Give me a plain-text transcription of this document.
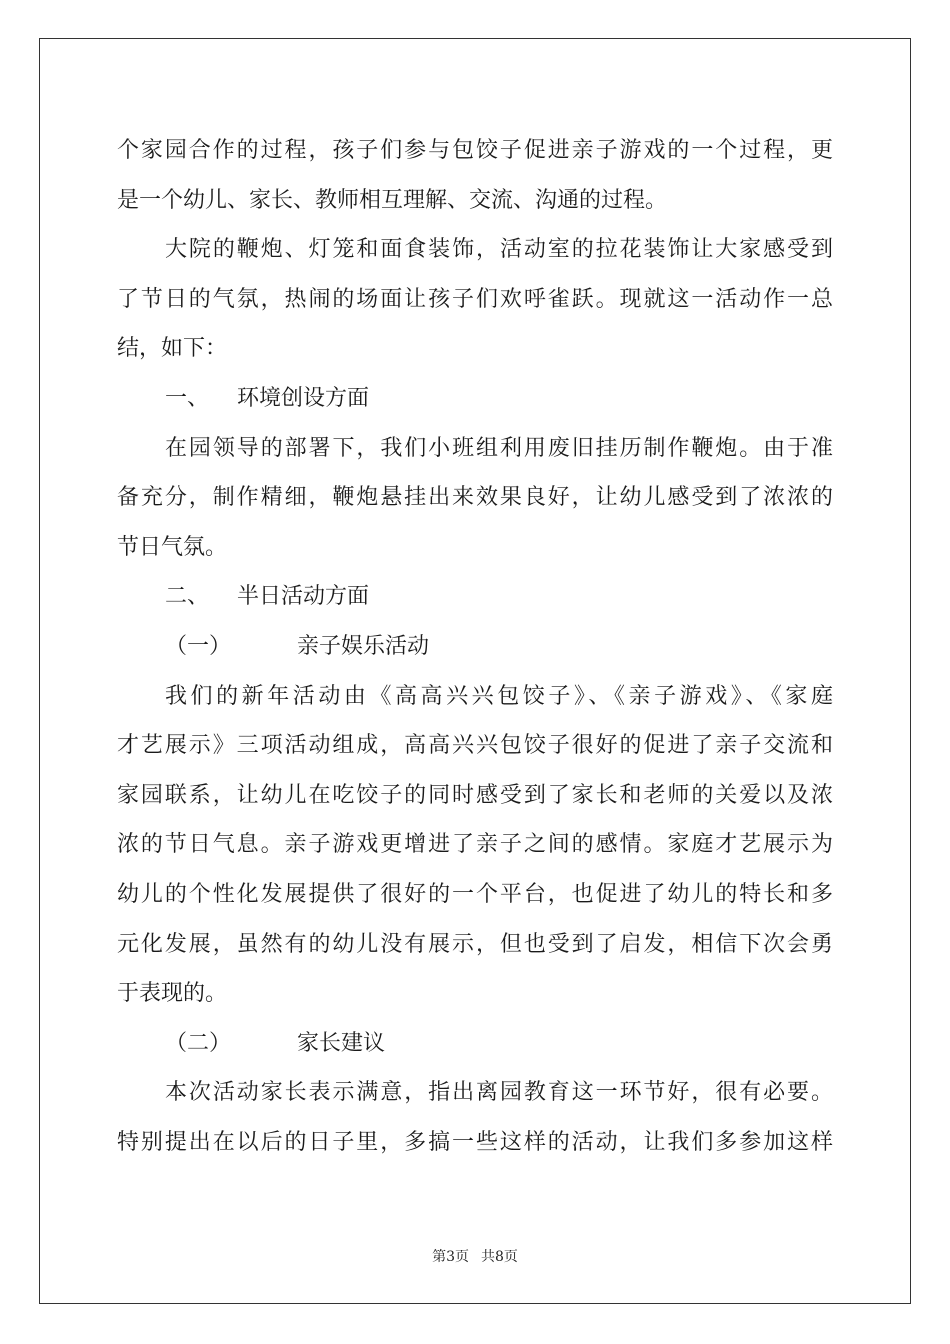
个家园合作的过程，孩子们参与包饺子促进亲子游戏的一个过程，更
是一个幼儿、家长、教师相互理解、交流、沟通的过程。
大院的鞭炮、灯笼和面食装饰，活动室的拉花装饰让大家感受到
了节日的气氛，热闹的场面让孩子们欢呼雀跃。现就这一活动作一总
结，如下：
一、 环境创设方面
在园领导的部署下，我们小班组利用废旧挂历制作鞭炮。由于准
备充分，制作精细，鞭炮悬挂出来效果良好，让幼儿感受到了浓浓的
节日气氛。
二、 半日活动方面
（一）	亲子娱乐活动
我们的新年活动由《高高兴兴包饺子》、《亲子游戏》、《家庭
才艺展示》三项活动组成，高高兴兴包饺子很好的促进了亲子交流和
家园联系，让幼儿在吃饺子的同时感受到了家长和老师的关爱以及浓
浓的节日气息。亲子游戏更增进了亲子之间的感情。家庭才艺展示为
幼儿的个性化发展提供了很好的一个平台，也促进了幼儿的特长和多
元化发展，虽然有的幼儿没有展示，但也受到了启发，相信下次会勇
于表现的。
（二）	家长建议
本次活动家长表示满意，指出离园教育这一环节好，很有必要。
特别提出在以后的日子里，多搞一些这样的活动，让我们多参加这样
第3页 共8页
